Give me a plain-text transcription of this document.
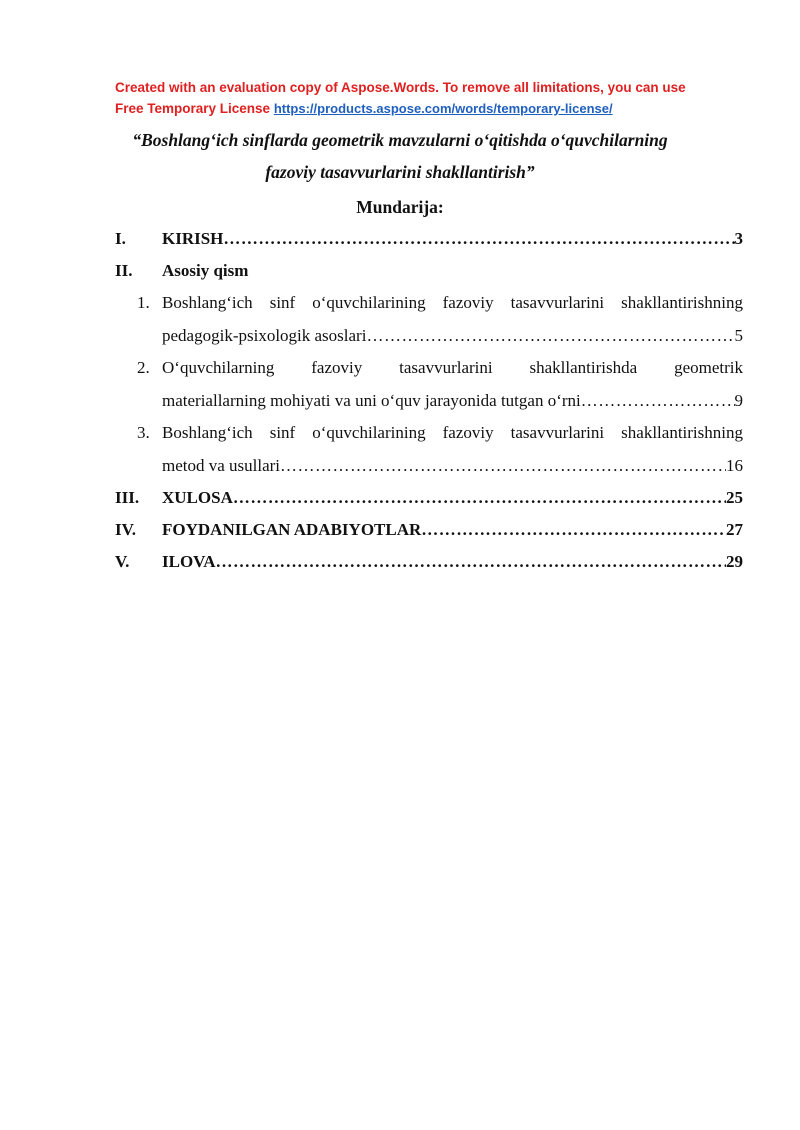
Created with an evaluation copy of Aspose.Words. To remove all limitations, you can use
Free Temporary License https://products.aspose.com/words/temporary-license/
“Boshlang‘ich sinflarda geometrik mavzularni o‘qitishda o‘quvchilarning
fazoviy tasavvurlarini shakllantirish”
Mundarija:
I. KIRISH …………………………………………………………………………………………………………………………	3
II. Asosiy qism
1. Boshlang‘ich sinf o‘quvchilarining fazoviy tasavvurlarini shakllantirishning
pedagogik-psixologik asoslari …………………………………………………………………………………………………………………………	5
2. O‘quvchilarning fazoviy tasavvurlarini shakllantirishda geometrik
materiallarning mohiyati va uni o‘quv jarayonida tutgan o‘rni …………………………………………………………………………………………………………………………	9
3. Boshlang‘ich sinf o‘quvchilarining fazoviy tasavvurlarini shakllantirishning
metod va usullari …………………………………………………………………………………………………………………………	16
III. XULOSA …………………………………………………………………………………………………………………………	25
IV. FOYDANILGAN ADABIYOTLAR …………………………………………………………………………………………………………………………	27
V. ILOVA …………………………………………………………………………………………………………………………	29
